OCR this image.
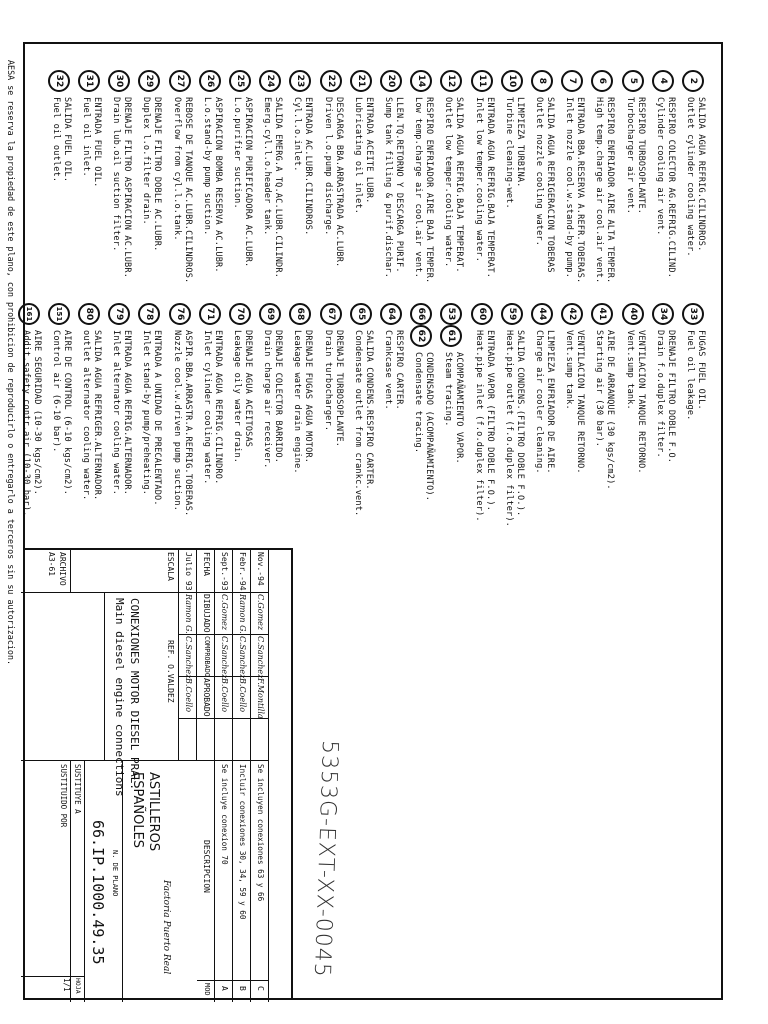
2
SALIDA AGUA REFRIG.CILINDROS.
Outlet cylinder cooling water.
4
RESPIRO COLECTOR AG.REFRIG.CILIND.
Cylinder cooling air vent.
5
RESPIRO TURBOSOPLANTE.
Turbocharger air vent.
6
RESPIRO ENFRIADOR AIRE ALTA TEMPER.
High temp.charge air cool.air vent.
7
ENTRADA BBA.RESERVA A.REFR.TOBERAS.
Inlet nozzle cool.w.stand-by pump.
8
SALIDA AGUA REFRIGERACION TOBERAS
Outlet nozzle cooling water.
10
LIMPIEZA TURBINA.
Turbine cleaning-wet.
11
ENTRADA AGUA REFRIG.BAJA TEMPERAT.
Inlet low temper.cooling water.
12
SALIDA AGUA REFRIG.BAJA TEMPERAT.
Outlet low temper.cooling water.
14
RESPIRO ENFRIADOR AIRE BAJA TEMPER.
Low temp.charge air cool.air vent.
20
LLEN.TQ.RETORNO Y DESCARGA PURIF.
Sump tank filling & purif.dischar.
21
ENTRADA ACEITE LUBR.
Lubricating oil inlet.
22
DESCARGA BBA.ARRASTRADA AC.LUBR.
Driven l.o.pump discharge.
23
ENTRADA AC.LUBR.CILINDROS.
Cyl.l.o.inlet.
24
SALIDA EMERG.A TQ.AC.LUBR.CILINDR.
Emerg.cyl.l.o.header tank.
25
ASPIRACION PURIFICADORA AC.LUBR.
L.o.purifier suction.
26
ASPIRACION BOMBA RESERVA AC.LUBR.
L.o.stand-by pump suction.
27
REBOSE DE TANQUE AC.LUBR.CILINDROS.
Overflow from cyl.l.o.tank.
29
DRENAJE FILTRO DOBLE AC.LUBR.
Duplex l.o.filter drain.
30
DRENAJE FILTRO ASPIRACION AC.LUBR.
Drain lub.oil suction filter.
31
ENTRADA FUEL OIL.
Fuel oil inlet.
32
SALIDA FUEL OIL.
Fuel oil outlet.
33
FUGAS FUEL OIL.
Fuel oil leakage.
34
DRENAJE FILTRO DOBLE F.O.
Drain f.o.duplex filter.
40
VENTILACION TANQUE RETORNO.
Vent.sump tank.
41
AIRE DE ARRANQUE (30 kgs/cm2).
Starting air (30 bar).
42
VENTILACION TANQUE RETORNO.
Vent.sump tank.
44
LIMPIEZA ENFRIADOR DE AIRE.
Charge air cooler cleaning.
59
SALIDA CONDENS.(FILTRO DOBLE F.O.).
Heat.pipe outlet (f.o.duplex filter).
60
ENTRADA VAPOR (FILTRO DOBLE F.O.).
Heat.pipe inlet (f.o.duplex filter).
53
61
ACOMPAÑAMIENTO VAPOR.
Steam tracing.
66
62
CONDENSADO (ACOMPAÑAMIENTO).
Condensate tracing.
64
RESPIRO CARTER.
Crankcase vent.
65
SALIDA CONDENS.RESPIRO CARTER.
Condensate outlet from crankc.vent.
67
DRENAJE TURBOSOPLANTE.
Drain turbocharger.
68
DRENAJE FUGAS AGUA MOTOR.
Leakage water drain engine.
69
DRENAJE COLECTOR BARRIDO.
Drain charge air receiver.
70
DRENAJE AGUA ACEITOSAS
Leakage oily water drain.
71
ENTRADA AGUA REFRIG.CILINDRO.
Inlet cylinder cooling water.
76
ASPIR.BBA.ARRASTR.A.REFRIG.TOBERAS.
Nozzle cool.w.driven pump suction.
78
ENTRADA A UNIDAD DE PRECALENTADO.
Inlet stand-by pump/preheating.
79
ENTRADA AGUA REFRIG.ALTERNADOR.
Inlet alternator cooling water.
80
SALIDA AGUA REFRIGER.ALTERNADOR.
outlet alternator cooling water.
151
AIRE DE CONTROL (6-10 kgs/cm2).
Control air (6-10 bar).
161
AIRE SEGURIDAD (10-30 kgs/cm2).
Addit.safety contr.air (10-30 bar).
5353G-EXT-XX-0045
Nov.-94
C.Gomez
C.Sanchez
F.Montilla
Se incluyen conexiones 63 y 66
C
Febr.-94
Ramon G.
C.Sanchez
B.Coello
Incluir conexiones 30, 34, 59 y 60
B
Sept.-93
C.Gomez
C.Sanchez
B.Coello
Se incluye conexion 70
A
FECHA
DIBUJADO
COMPROBADO
APROBADO
DESCRIPCION
MOD
Julio 93
Ramon G.
C.Sanchez
B.Coello
ESCALA
REF. O.VALDEZ
ARCHIVO
A3-61
CONEXIONES MOTOR DIESEL PRAL.
Main diesel engine connections
ASTILLEROS
ESPAÑOLES
Factoria Puerto Real
N. DE PLANO
66.IP.1000.49.35
SUSTITUYE A
SUSTITUIDO POR
HOJA
1/1
AESA se reserva la propiedad de este plano, con prohibicion de reproducirlo o entregarlo a terceros sin su autorizacion.
